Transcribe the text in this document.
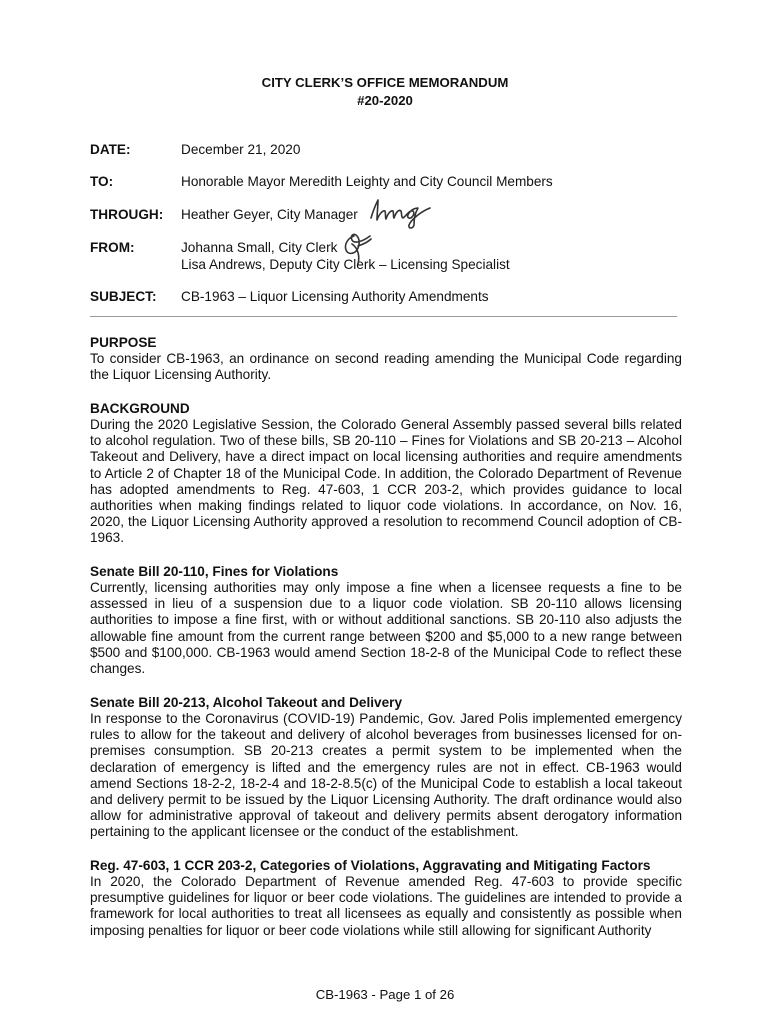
CITY CLERK’S OFFICE MEMORANDUM
#20-2020
DATE:	December 21, 2020
TO:	Honorable Mayor Meredith Leighty and City Council Members
THROUGH:	Heather Geyer, City Manager
FROM:	Johanna Small, City Clerk
Lisa Andrews, Deputy City Clerk – Licensing Specialist
SUBJECT:	CB-1963 – Liquor Licensing Authority Amendments
PURPOSE
To consider CB-1963, an ordinance on second reading amending the Municipal Code regarding the Liquor Licensing Authority.
BACKGROUND
During the 2020 Legislative Session, the Colorado General Assembly passed several bills related to alcohol regulation. Two of these bills, SB 20-110 – Fines for Violations and SB 20-213 – Alcohol Takeout and Delivery, have a direct impact on local licensing authorities and require amendments to Article 2 of Chapter 18 of the Municipal Code. In addition, the Colorado Department of Revenue has adopted amendments to Reg. 47-603, 1 CCR 203-2, which provides guidance to local authorities when making findings related to liquor code violations. In accordance, on Nov. 16, 2020, the Liquor Licensing Authority approved a resolution to recommend Council adoption of CB-1963.
Senate Bill 20-110, Fines for Violations
Currently, licensing authorities may only impose a fine when a licensee requests a fine to be assessed in lieu of a suspension due to a liquor code violation. SB 20-110 allows licensing authorities to impose a fine first, with or without additional sanctions. SB 20-110 also adjusts the allowable fine amount from the current range between $200 and $5,000 to a new range between $500 and $100,000. CB-1963 would amend Section 18-2-8 of the Municipal Code to reflect these changes.
Senate Bill 20-213, Alcohol Takeout and Delivery
In response to the Coronavirus (COVID-19) Pandemic, Gov. Jared Polis implemented emergency rules to allow for the takeout and delivery of alcohol beverages from businesses licensed for on-premises consumption. SB 20-213 creates a permit system to be implemented when the declaration of emergency is lifted and the emergency rules are not in effect. CB-1963 would amend Sections 18-2-2, 18-2-4 and 18-2-8.5(c) of the Municipal Code to establish a local takeout and delivery permit to be issued by the Liquor Licensing Authority. The draft ordinance would also allow for administrative approval of takeout and delivery permits absent derogatory information pertaining to the applicant licensee or the conduct of the establishment.
Reg. 47-603, 1 CCR 203-2, Categories of Violations, Aggravating and Mitigating Factors
In 2020, the Colorado Department of Revenue amended Reg. 47-603 to provide specific presumptive guidelines for liquor or beer code violations. The guidelines are intended to provide a framework for local authorities to treat all licensees as equally and consistently as possible when imposing penalties for liquor or beer code violations while still allowing for significant Authority
CB-1963 - Page 1 of 26
